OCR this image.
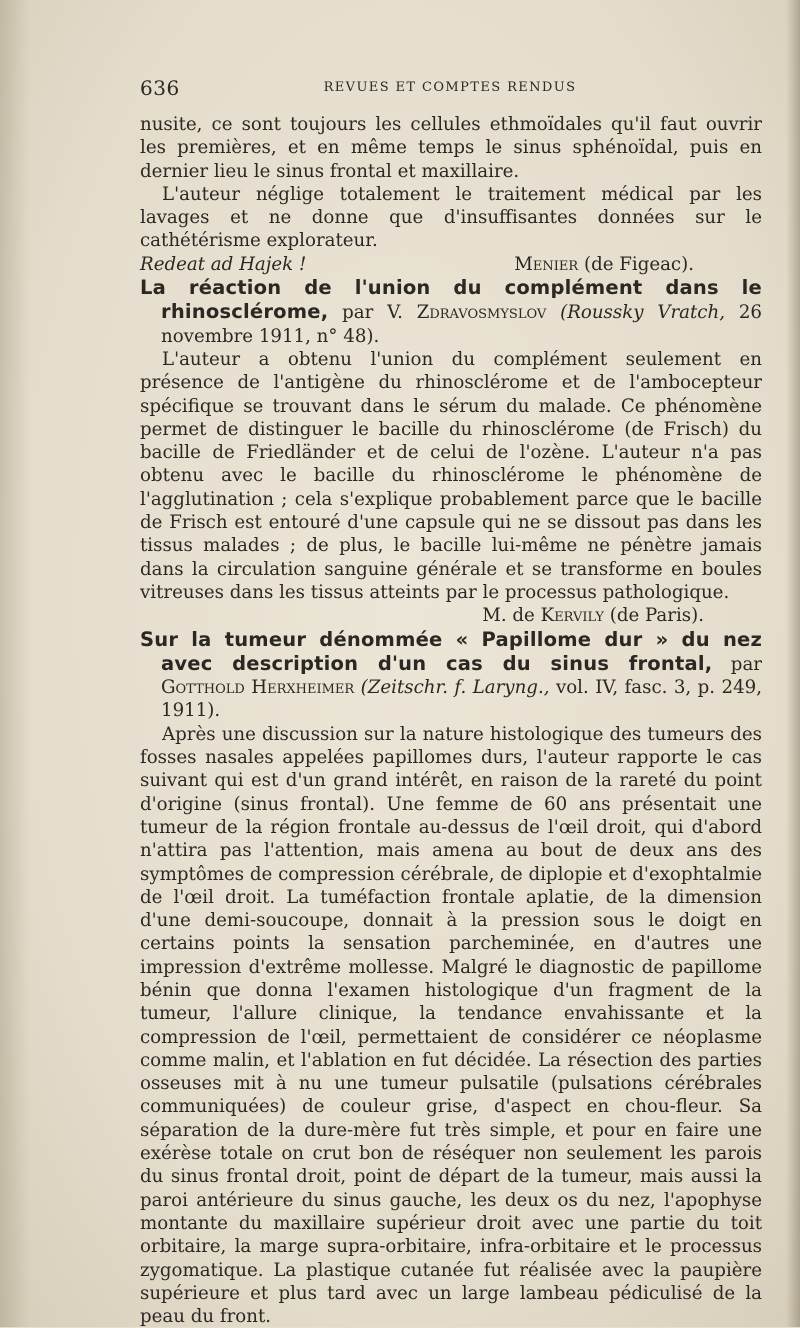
636	REVUES ET COMPTES RENDUS

nusite, ce sont toujours les cellules ethmoïdales qu'il faut ouvrir les premières, et en même temps le sinus sphénoïdal, puis en dernier lieu le sinus frontal et maxillaire.

L'auteur néglige totalement le traitement médical par les lavages et ne donne que d'insuffisantes données sur le cathétérisme explorateur.

Redeat ad Hajek !	Menier (de Figeac).

La réaction de l'union du complément dans le rhinosclérome, par V. Zdravosmyslov (Roussky Vratch, 26 novembre 1911, n° 48).

L'auteur a obtenu l'union du complément seulement en présence de l'antigène du rhinosclérome et de l'ambocepteur spécifique se trouvant dans le sérum du malade. Ce phénomène permet de distinguer le bacille du rhinosclérome (de Frisch) du bacille de Friedländer et de celui de l'ozène. L'auteur n'a pas obtenu avec le bacille du rhinosclérome le phénomène de l'agglutination ; cela s'explique probablement parce que le bacille de Frisch est entouré d'une capsule qui ne se dissout pas dans les tissus malades ; de plus, le bacille lui-même ne pénètre jamais dans la circulation sanguine générale et se transforme en boules vitreuses dans les tissus atteints par le processus pathologique.

M. de Kervily (de Paris).

Sur la tumeur dénommée « Papillome dur » du nez avec description d'un cas du sinus frontal, par Gotthold Herxheimer (Zeitschr. f. Laryng., vol. IV, fasc. 3, p. 249, 1911).

Après une discussion sur la nature histologique des tumeurs des fosses nasales appelées papillomes durs, l'auteur rapporte le cas suivant qui est d'un grand intérêt, en raison de la rareté du point d'origine (sinus frontal). Une femme de 60 ans présentait une tumeur de la région frontale au-dessus de l'œil droit, qui d'abord n'attira pas l'attention, mais amena au bout de deux ans des symptômes de compression cérébrale, de diplopie et d'exophtalmie de l'œil droit. La tuméfaction frontale aplatie, de la dimension d'une demi-soucoupe, donnait à la pression sous le doigt en certains points la sensation parcheminée, en d'autres une impression d'extrême mollesse. Malgré le diagnostic de papillome bénin que donna l'examen histologique d'un fragment de la tumeur, l'allure clinique, la tendance envahissante et la compression de l'œil, permettaient de considérer ce néoplasme comme malin, et l'ablation en fut décidée. La résection des parties osseuses mit à nu une tumeur pulsatile (pulsations cérébrales communiquées) de couleur grise, d'aspect en chou-fleur. Sa séparation de la dure-mère fut très simple, et pour en faire une exérèse totale on crut bon de réséquer non seulement les parois du sinus frontal droit, point de départ de la tumeur, mais aussi la paroi antérieure du sinus gauche, les deux os du nez, l'apophyse montante du maxillaire supérieur droit avec une partie du toit orbitaire, la marge supra-orbitaire, infra-orbitaire et le processus zygomatique. La plastique cutanée fut réalisée avec la paupière supérieure et plus tard avec un large lambeau pédiculisé de la peau du front.
